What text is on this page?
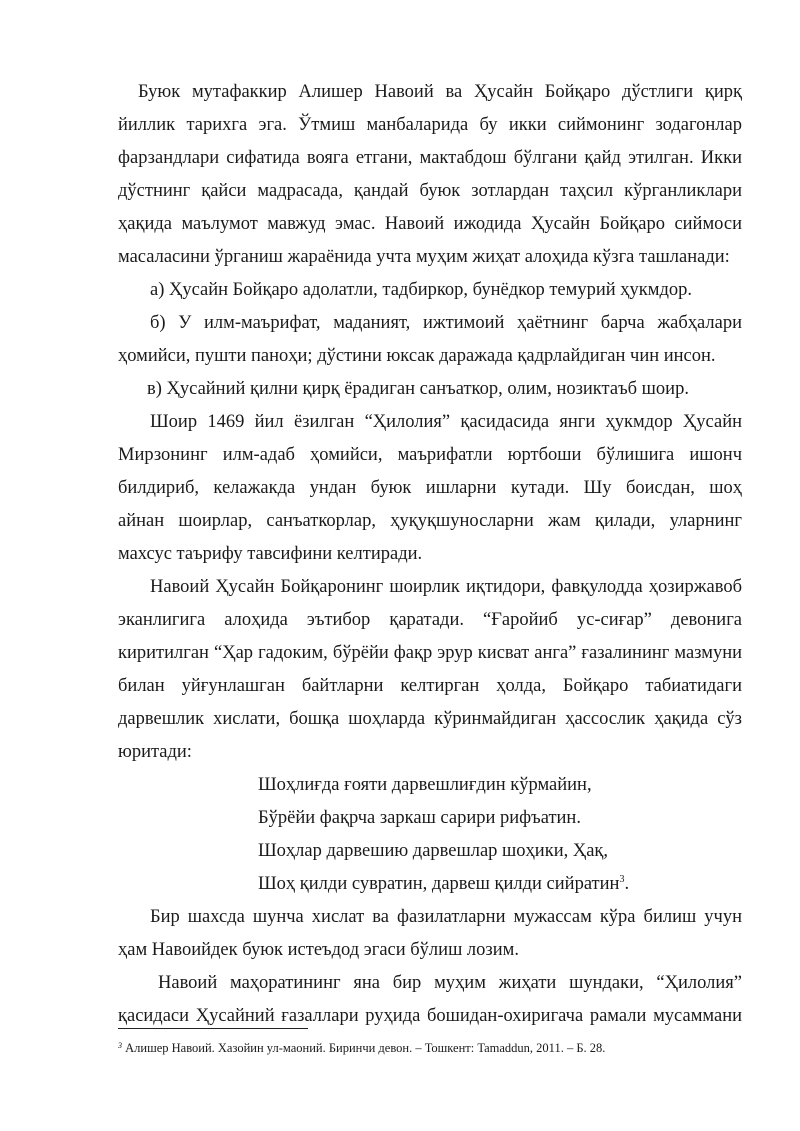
Буюк мутафаккир Алишер Навоий ва Ҳусайн Бойқаро дўстлиги қирқ
йиллик тарихга эга. Ўтмиш манбаларида бу икки сиймонинг зодагонлар
фарзандлари сифатида вояга етгани, мактабдош бўлгани қайд этилган. Икки
дўстнинг қайси мадрасада, қандай буюк зотлардан таҳсил кўрганликлари
ҳақида маълумот мавжуд эмас. Навоий ижодида Ҳусайн Бойқаро сиймоси
масаласини ўрганиш жараёнида учта муҳим жиҳат алоҳида кўзга ташланади:
а) Ҳусайн Бойқаро адолатли, тадбиркор, бунёдкор темурий ҳукмдор.
б) У илм-маърифат, маданият, ижтимоий ҳаётнинг барча жабҳалари
ҳомийси, пушти паноҳи; дўстини юксак даражада қадрлайдиган чин инсон.
в) Ҳусайний қилни қирқ ёрадиган санъаткор, олим, нозиктаъб шоир.
Шоир 1469 йил ёзилган “Ҳилолия” қасидасида янги ҳукмдор Ҳусайн
Мирзонинг илм-адаб ҳомийси, маърифатли юртбоши бўлишига ишонч
билдириб, келажакда ундан буюк ишларни кутади. Шу боисдан, шоҳ
айнан шоирлар, санъаткорлар, ҳуқуқшуносларни жам қилади, уларнинг
махсус таърифу тавсифини келтиради.
Навоий Ҳусайн Бойқаронинг шоирлик иқтидори, фавқулодда ҳозиржавоб
эканлигига алоҳида эътибор қаратади. “Ғаройиб ус-сиғар” девонига
киритилган “Ҳар гадоким, бўрёйи фақр эрур кисват анга” ғазалининг мазмуни
билан уйғунлашган байтларни келтирган ҳолда, Бойқаро табиатидаги
дарвешлик хислати, бошқа шоҳларда кўринмайдиган ҳассослик ҳақида сўз
юритади:
Шоҳлиғда ғояти дарвешлиғдин кўрмайин,
Бўрёйи фақрча заркаш сарири рифъатин.
Шоҳлар дарвешию дарвешлар шоҳики, Ҳақ,
Шоҳ қилди сувратин, дарвеш қилди сийратин$^3$.
Бир шахсда шунча хислат ва фазилатларни мужассам кўра билиш учун
ҳам Навоийдек буюк истеъдод эгаси бўлиш лозим.
Навоий маҳоратининг яна бир муҳим жиҳати шундаки, “Ҳилолия”
қасидаси Ҳусайний ғазаллари руҳида бошидан-охиригача рамали мусаммани
$^3$ Алишер Навоий. Хазойин ул-маоний. Биринчи девон. – Тошкент: Tamaddun, 2011. – Б. 28.
